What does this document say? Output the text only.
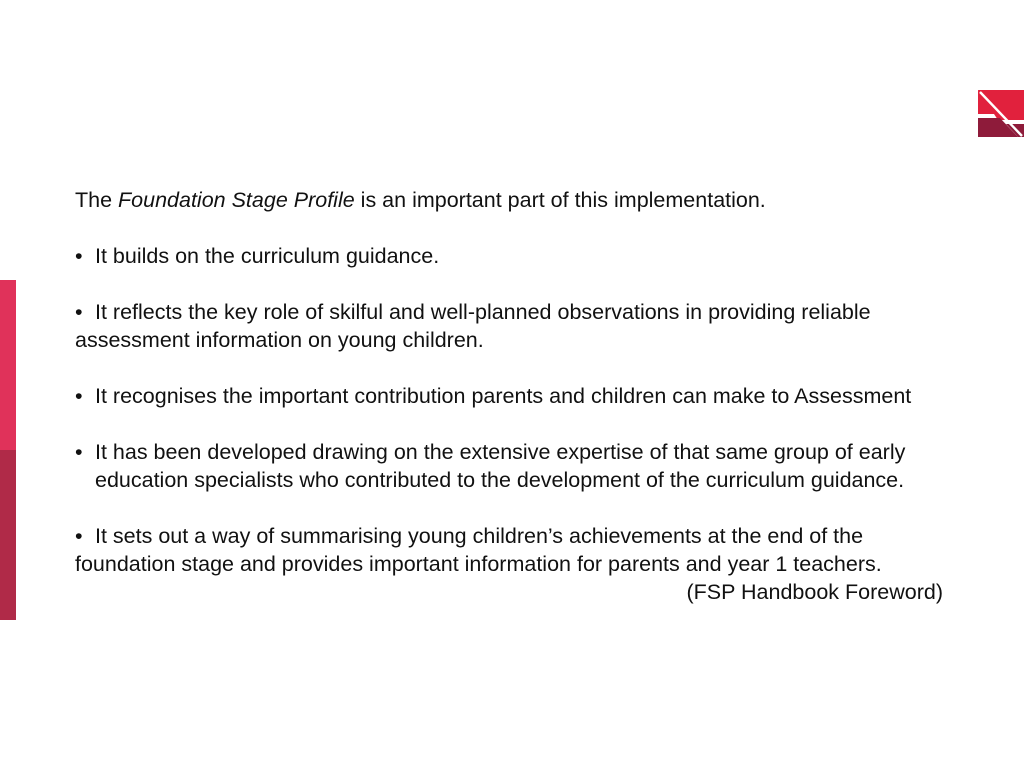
The Foundation Stage Profile is an important part of this implementation.

• It builds on the curriculum guidance.

• It reflects the key role of skilful and well-planned observations in providing reliable assessment information on young children.

• It recognises the important contribution parents and children can make to Assessment

• It has been developed drawing on the extensive expertise of that same group of early education specialists who contributed to the development of the curriculum guidance.

• It sets out a way of summarising young children’s achievements at the end of the foundation stage and provides important information for parents and year 1 teachers.

(FSP Handbook Foreword)
